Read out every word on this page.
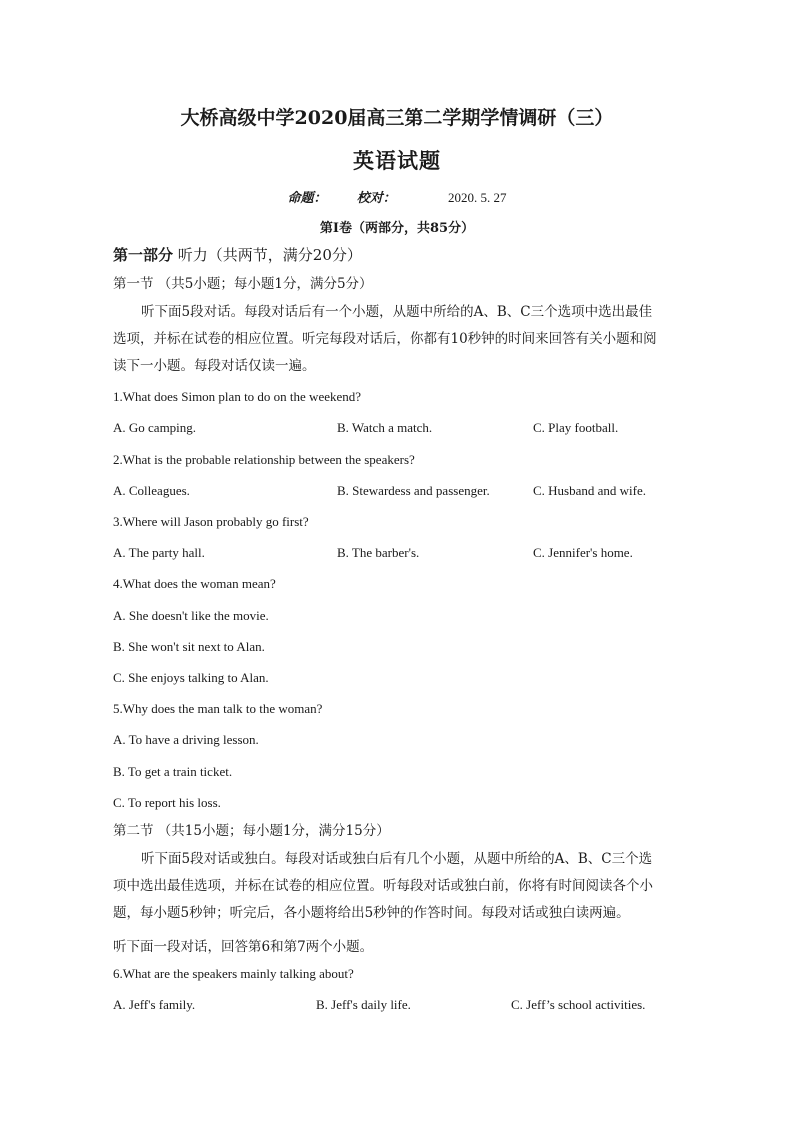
大桥高级中学2020届高三第二学期学情调研（三）
英语试题
命题： 校对：	2020. 5. 27
第I卷（两部分，共85分）
第一部分 听力（共两节，满分20分）
第一节 （共5小题；每小题1分，满分5分）
听下面5段对话。每段对话后有一个小题，从题中所给的A、B、C三个选项中选出最佳
选项，并标在试卷的相应位置。听完每段对话后，你都有10秒钟的时间来回答有关小题和阅
读下一小题。每段对话仅读一遍。
1.What does Simon plan to do on the weekend?
A. Go camping.	B. Watch a match.	C. Play football.
2.What is the probable relationship between the speakers?
A. Colleagues.	B. Stewardess and passenger.	C. Husband and wife.
3.Where will Jason probably go first?
A. The party hall.	B. The barber's.	C. Jennifer's home.
4.What does the woman mean?
A. She doesn't like the movie.
B. She won't sit next to Alan.
C. She enjoys talking to Alan.
5.Why does the man talk to the woman?
A. To have a driving lesson.
B. To get a train ticket.
C. To report his loss.
第二节 （共15小题；每小题1分，满分15分）
听下面5段对话或独白。每段对话或独白后有几个小题，从题中所给的A、B、C三个选
项中选出最佳选项，并标在试卷的相应位置。听每段对话或独白前，你将有时间阅读各个小
题，每小题5秒钟；听完后，各小题将给出5秒钟的作答时间。每段对话或独白读两遍。
听下面一段对话，回答第6和第7两个小题。
6.What are the speakers mainly talking about?
A. Jeff's family.	B. Jeff's daily life.	C. Jeff’s school activities.
